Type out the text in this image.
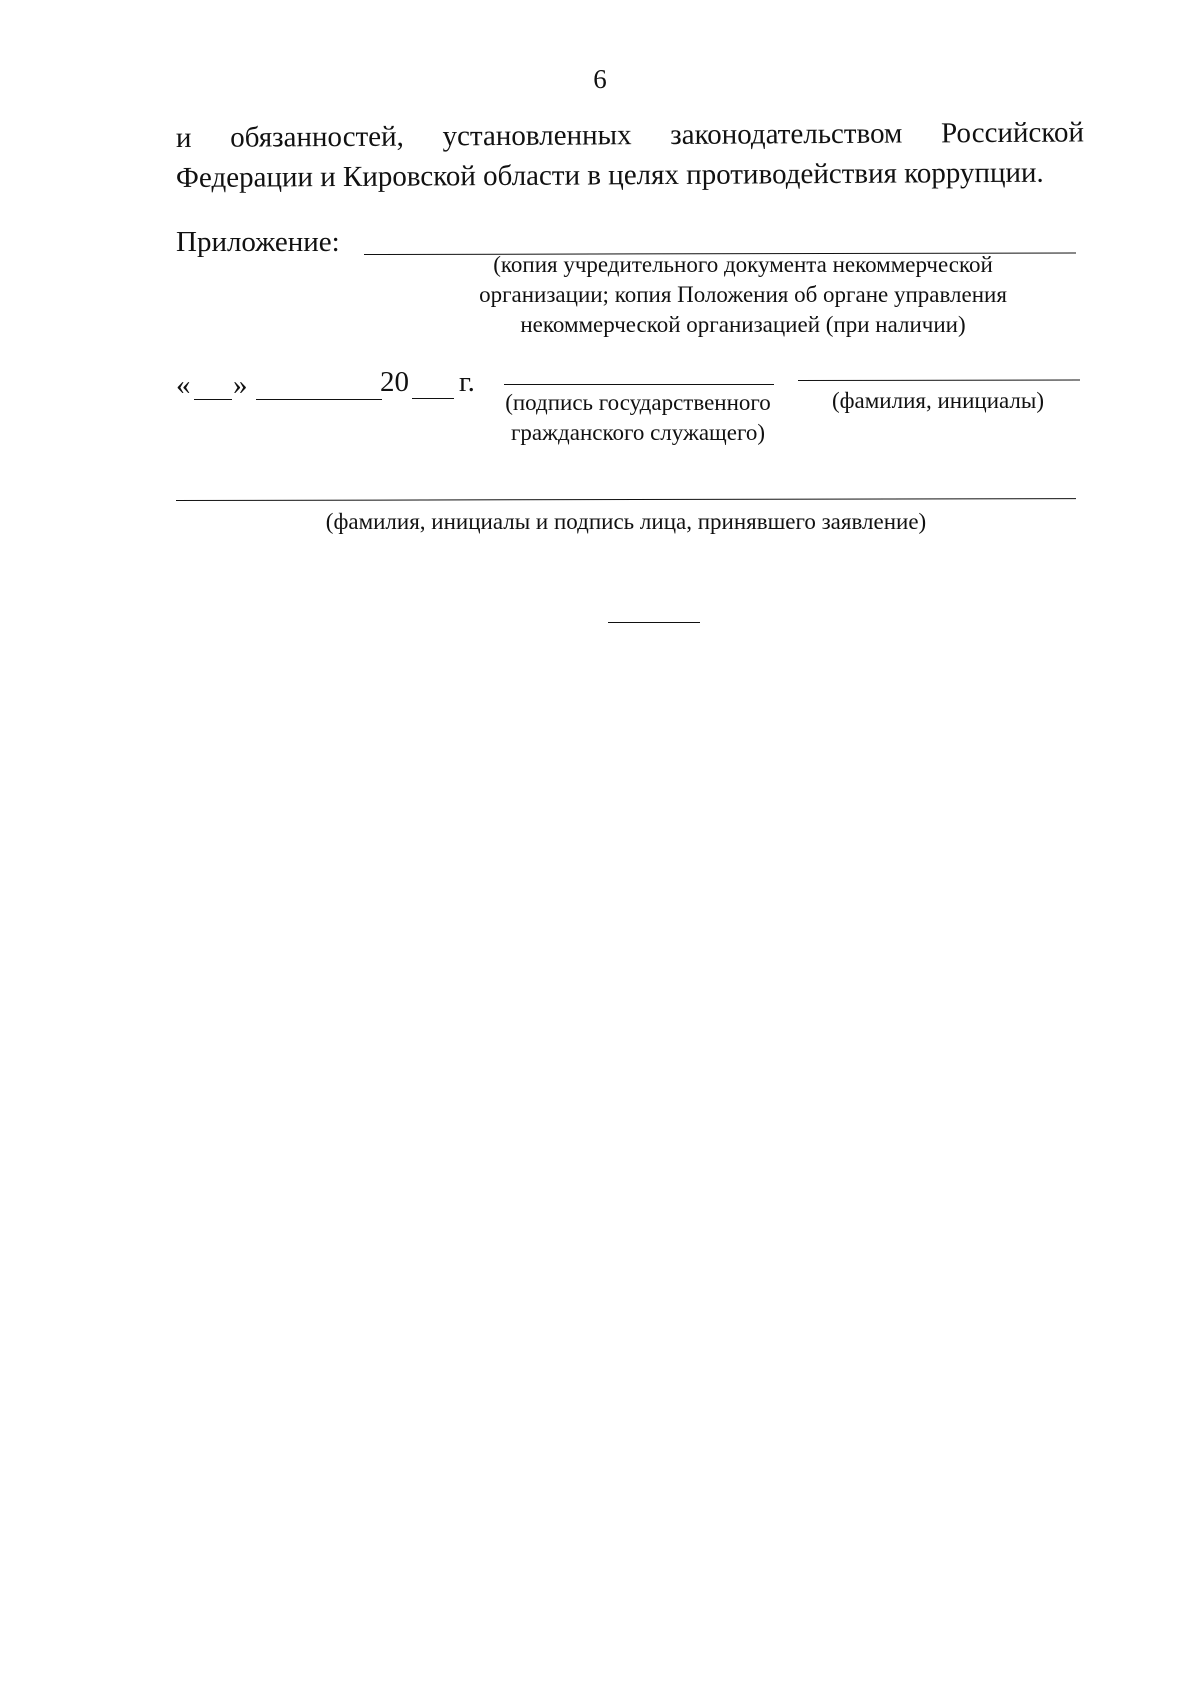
6
и обязанностей, установленных законодательством Российской
Федерации и Кировской области в целях противодействия коррупции.
Приложение:
(копия учредительного документа некоммерческой
организации; копия Положения об органе управления
некоммерческой организацией (при наличии)
« »	20 г.
(подпись государственного
гражданского служащего)
(фамилия, инициалы)
(фамилия, инициалы и подпись лица, принявшего заявление)
